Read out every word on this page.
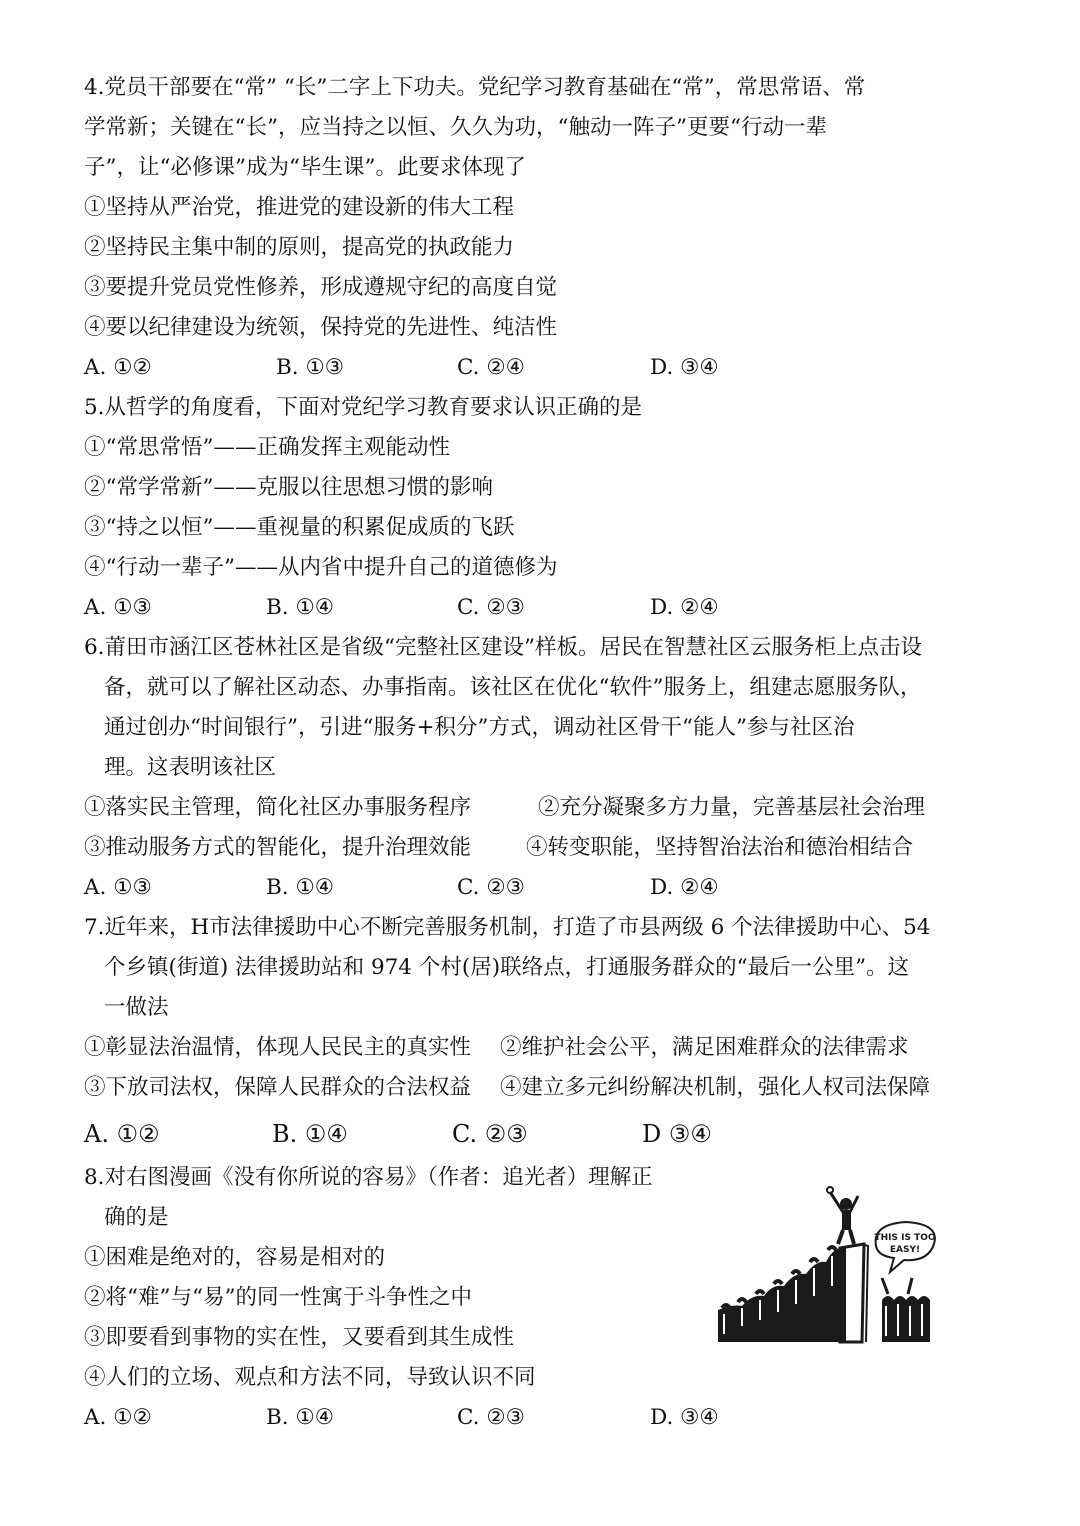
4.党员干部要在“常” “长”二字上下功夫。党纪学习教育基础在“常”，常思常语、常
学常新；关键在“长”，应当持之以恒、久久为功，“触动一阵子”更要“行动一辈
子”，让“必修课”成为“毕生课”。此要求体现了
①坚持从严治党，推进党的建设新的伟大工程
②坚持民主集中制的原则，提高党的执政能力
③要提升党员党性修养，形成遵规守纪的高度自觉
④要以纪律建设为统领，保持党的先进性、纯洁性
A. ①②	B. ①③	C. ②④	D. ③④
5.从哲学的角度看，下面对党纪学习教育要求认识正确的是
①“常思常悟”——正确发挥主观能动性
②“常学常新”——克服以往思想习惯的影响
③“持之以恒”——重视量的积累促成质的飞跃
④“行动一辈子”——从内省中提升自己的道德修为
A. ①③	B. ①④	C. ②③	D. ②④
6.莆田市涵江区苍林社区是省级“完整社区建设”样板。居民在智慧社区云服务柜上点击设
备，就可以了解社区动态、办事指南。该社区在优化“软件”服务上，组建志愿服务队，
通过创办“时间银行”，引进“服务+积分”方式，调动社区骨干“能人”参与社区治
理。这表明该社区
①落实民主管理，简化社区办事服务程序	②充分凝聚多方力量，完善基层社会治理
③推动服务方式的智能化，提升治理效能	④转变职能，坚持智治法治和德治相结合
A. ①③	B. ①④	C. ②③	D. ②④
7.近年来，H市法律援助中心不断完善服务机制，打造了市县两级 6 个法律援助中心、54
个乡镇(街道) 法律援助站和 974 个村(居)联络点，打通服务群众的“最后一公里”。这
一做法
①彰显法治温情，体现人民民主的真实性 ②维护社会公平，满足困难群众的法律需求
③下放司法权，保障人民群众的合法权益 ④建立多元纠纷解决机制，强化人权司法保障
A. ①②	B. ①④	C. ②③	D ③④
8.对右图漫画《没有你所说的容易》（作者：追光者）理解正
确的是
①困难是绝对的，容易是相对的
②将“难”与“易”的同一性寓于斗争性之中
③即要看到事物的实在性，又要看到其生成性
④人们的立场、观点和方法不同，导致认识不同
A. ①②	B. ①④	C. ②③	D. ③④
THIS IS TOO
EASY!
